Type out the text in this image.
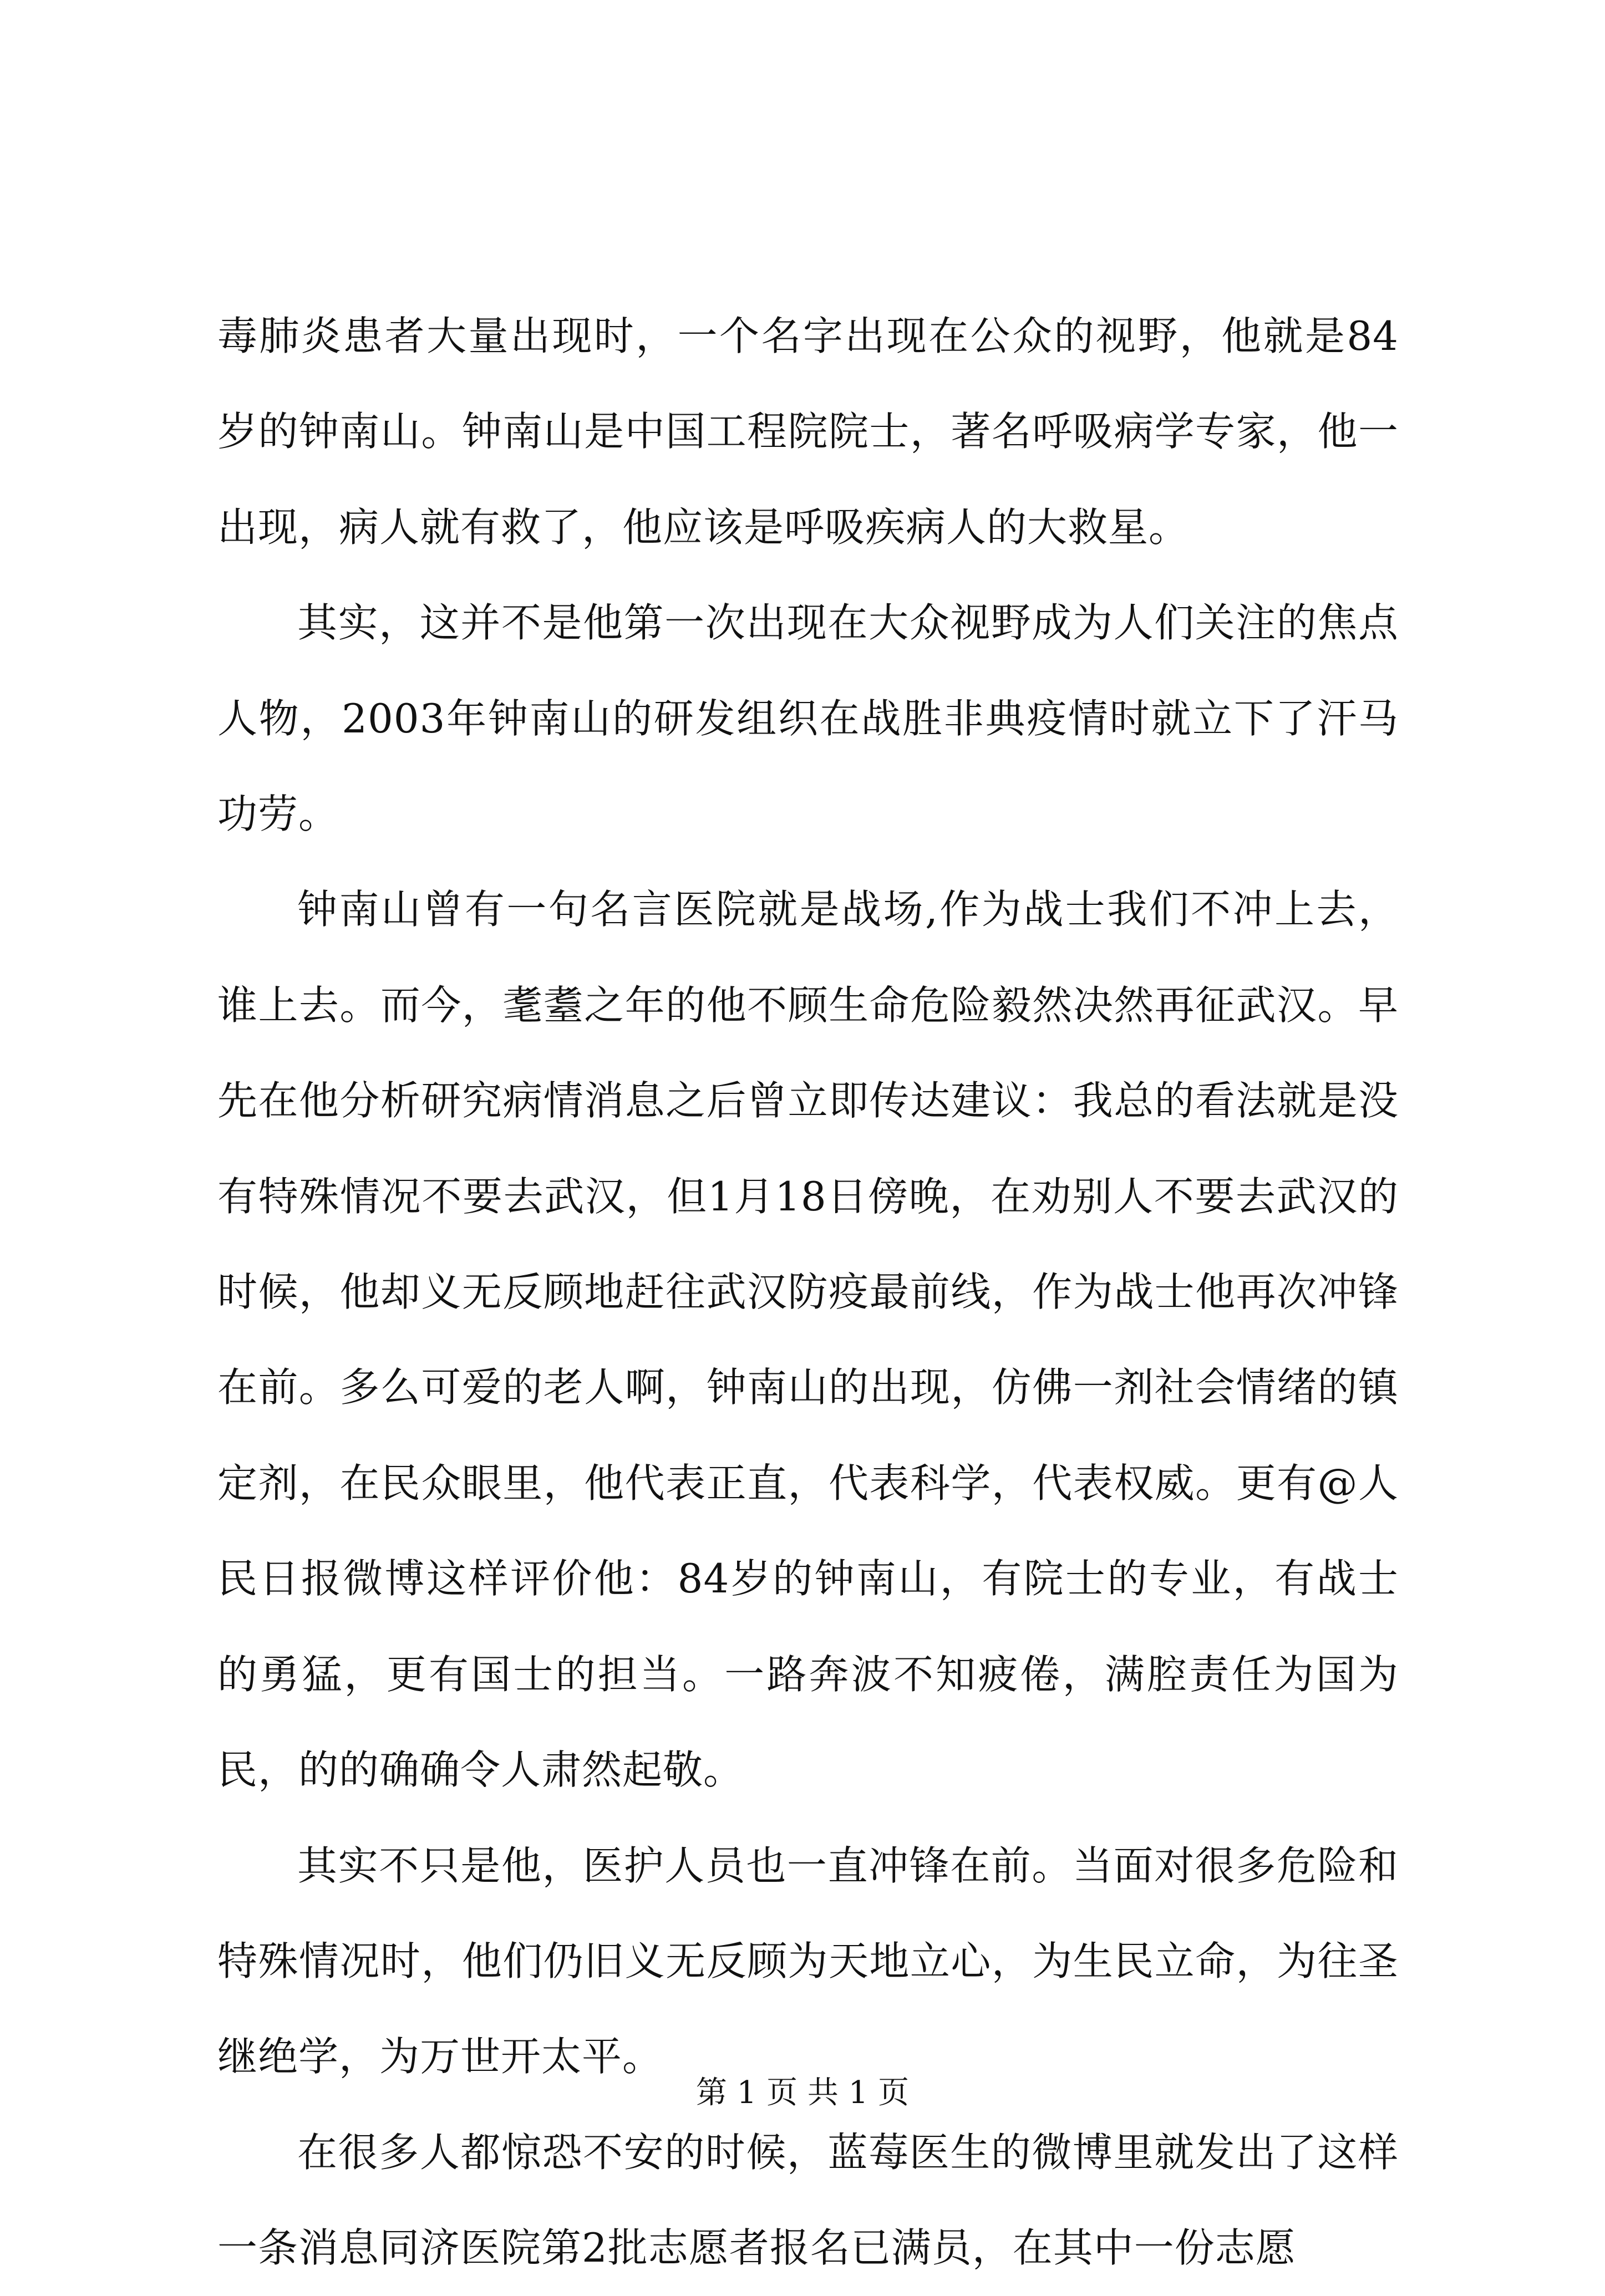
毒肺炎患者大量出现时，一个名字出现在公众的视野，他就是84岁的钟南山。钟南山是中国工程院院士，著名呼吸病学专家，他一出现，病人就有救了，他应该是呼吸疾病人的大救星。

其实，这并不是他第一次出现在大众视野成为人们关注的焦点人物，2003年钟南山的研发组织在战胜非典疫情时就立下了汗马功劳。

钟南山曾有一句名言医院就是战场,作为战士我们不冲上去，谁上去。而今，耄耋之年的他不顾生命危险毅然决然再征武汉。早先在他分析研究病情消息之后曾立即传达建议：我总的看法就是没有特殊情况不要去武汉，但1月18日傍晚，在劝别人不要去武汉的时候，他却义无反顾地赶往武汉防疫最前线，作为战士他再次冲锋在前。多么可爱的老人啊，钟南山的出现，仿佛一剂社会情绪的镇定剂，在民众眼里，他代表正直，代表科学，代表权威。更有@人民日报微博这样评价他：84岁的钟南山，有院士的专业，有战士的勇猛，更有国士的担当。一路奔波不知疲倦，满腔责任为国为民，的的确确令人肃然起敬。

其实不只是他，医护人员也一直冲锋在前。当面对很多危险和特殊情况时，他们仍旧义无反顾为天地立心，为生民立命，为往圣继绝学，为万世开太平。

在很多人都惊恐不安的时候，蓝莓医生的微博里就发出了这样一条消息同济医院第2批志愿者报名已满员，在其中一份志愿

第 1 页 共 1 页
